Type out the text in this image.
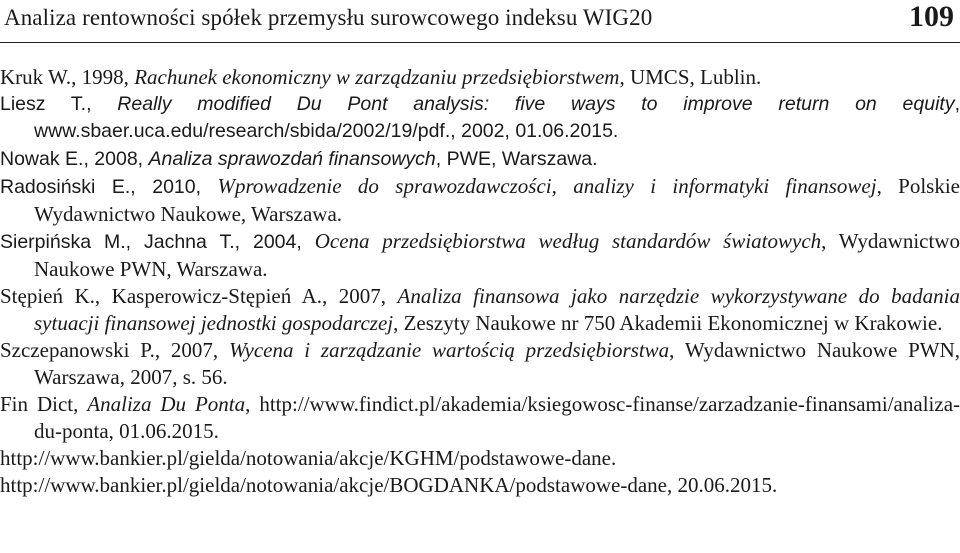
Analiza rentowności spółek przemysłu surowcowego indeksu WIG20	109

Kruk W., 1998, Rachunek ekonomiczny w zarządzaniu przedsiębiorstwem, UMCS, Lublin.

Liesz T., Really modified Du Pont analysis: five ways to improve return on equity, www.sbaer.uca.edu/research/sbida/2002/19/pdf., 2002, 01.06.2015.

Nowak E., 2008, Analiza sprawozdań finansowych, PWE, Warszawa.

Radosiński E., 2010, Wprowadzenie do sprawozdawczości, analizy i informatyki finansowej, Polskie Wydawnictwo Naukowe, Warszawa.

Sierpińska M., Jachna T., 2004, Ocena przedsiębiorstwa według standardów światowych, Wydawnictwo Naukowe PWN, Warszawa.

Stępień K., Kasperowicz-Stępień A., 2007, Analiza finansowa jako narzędzie wykorzystywane do badania sytuacji finansowej jednostki gospodarczej, Zeszyty Naukowe nr 750 Akademii Ekonomicznej w Krakowie.

Szczepanowski P., 2007, Wycena i zarządzanie wartością przedsiębiorstwa, Wydawnictwo Naukowe PWN, Warszawa, 2007, s. 56.

Fin Dict, Analiza Du Ponta, http://www.findict.pl/akademia/ksiegowosc-finanse/zarzadzanie-finansami/analiza-du-ponta, 01.06.2015.

http://www.bankier.pl/gielda/notowania/akcje/KGHM/podstawowe-dane.

http://www.bankier.pl/gielda/notowania/akcje/BOGDANKA/podstawowe-dane, 20.06.2015.
